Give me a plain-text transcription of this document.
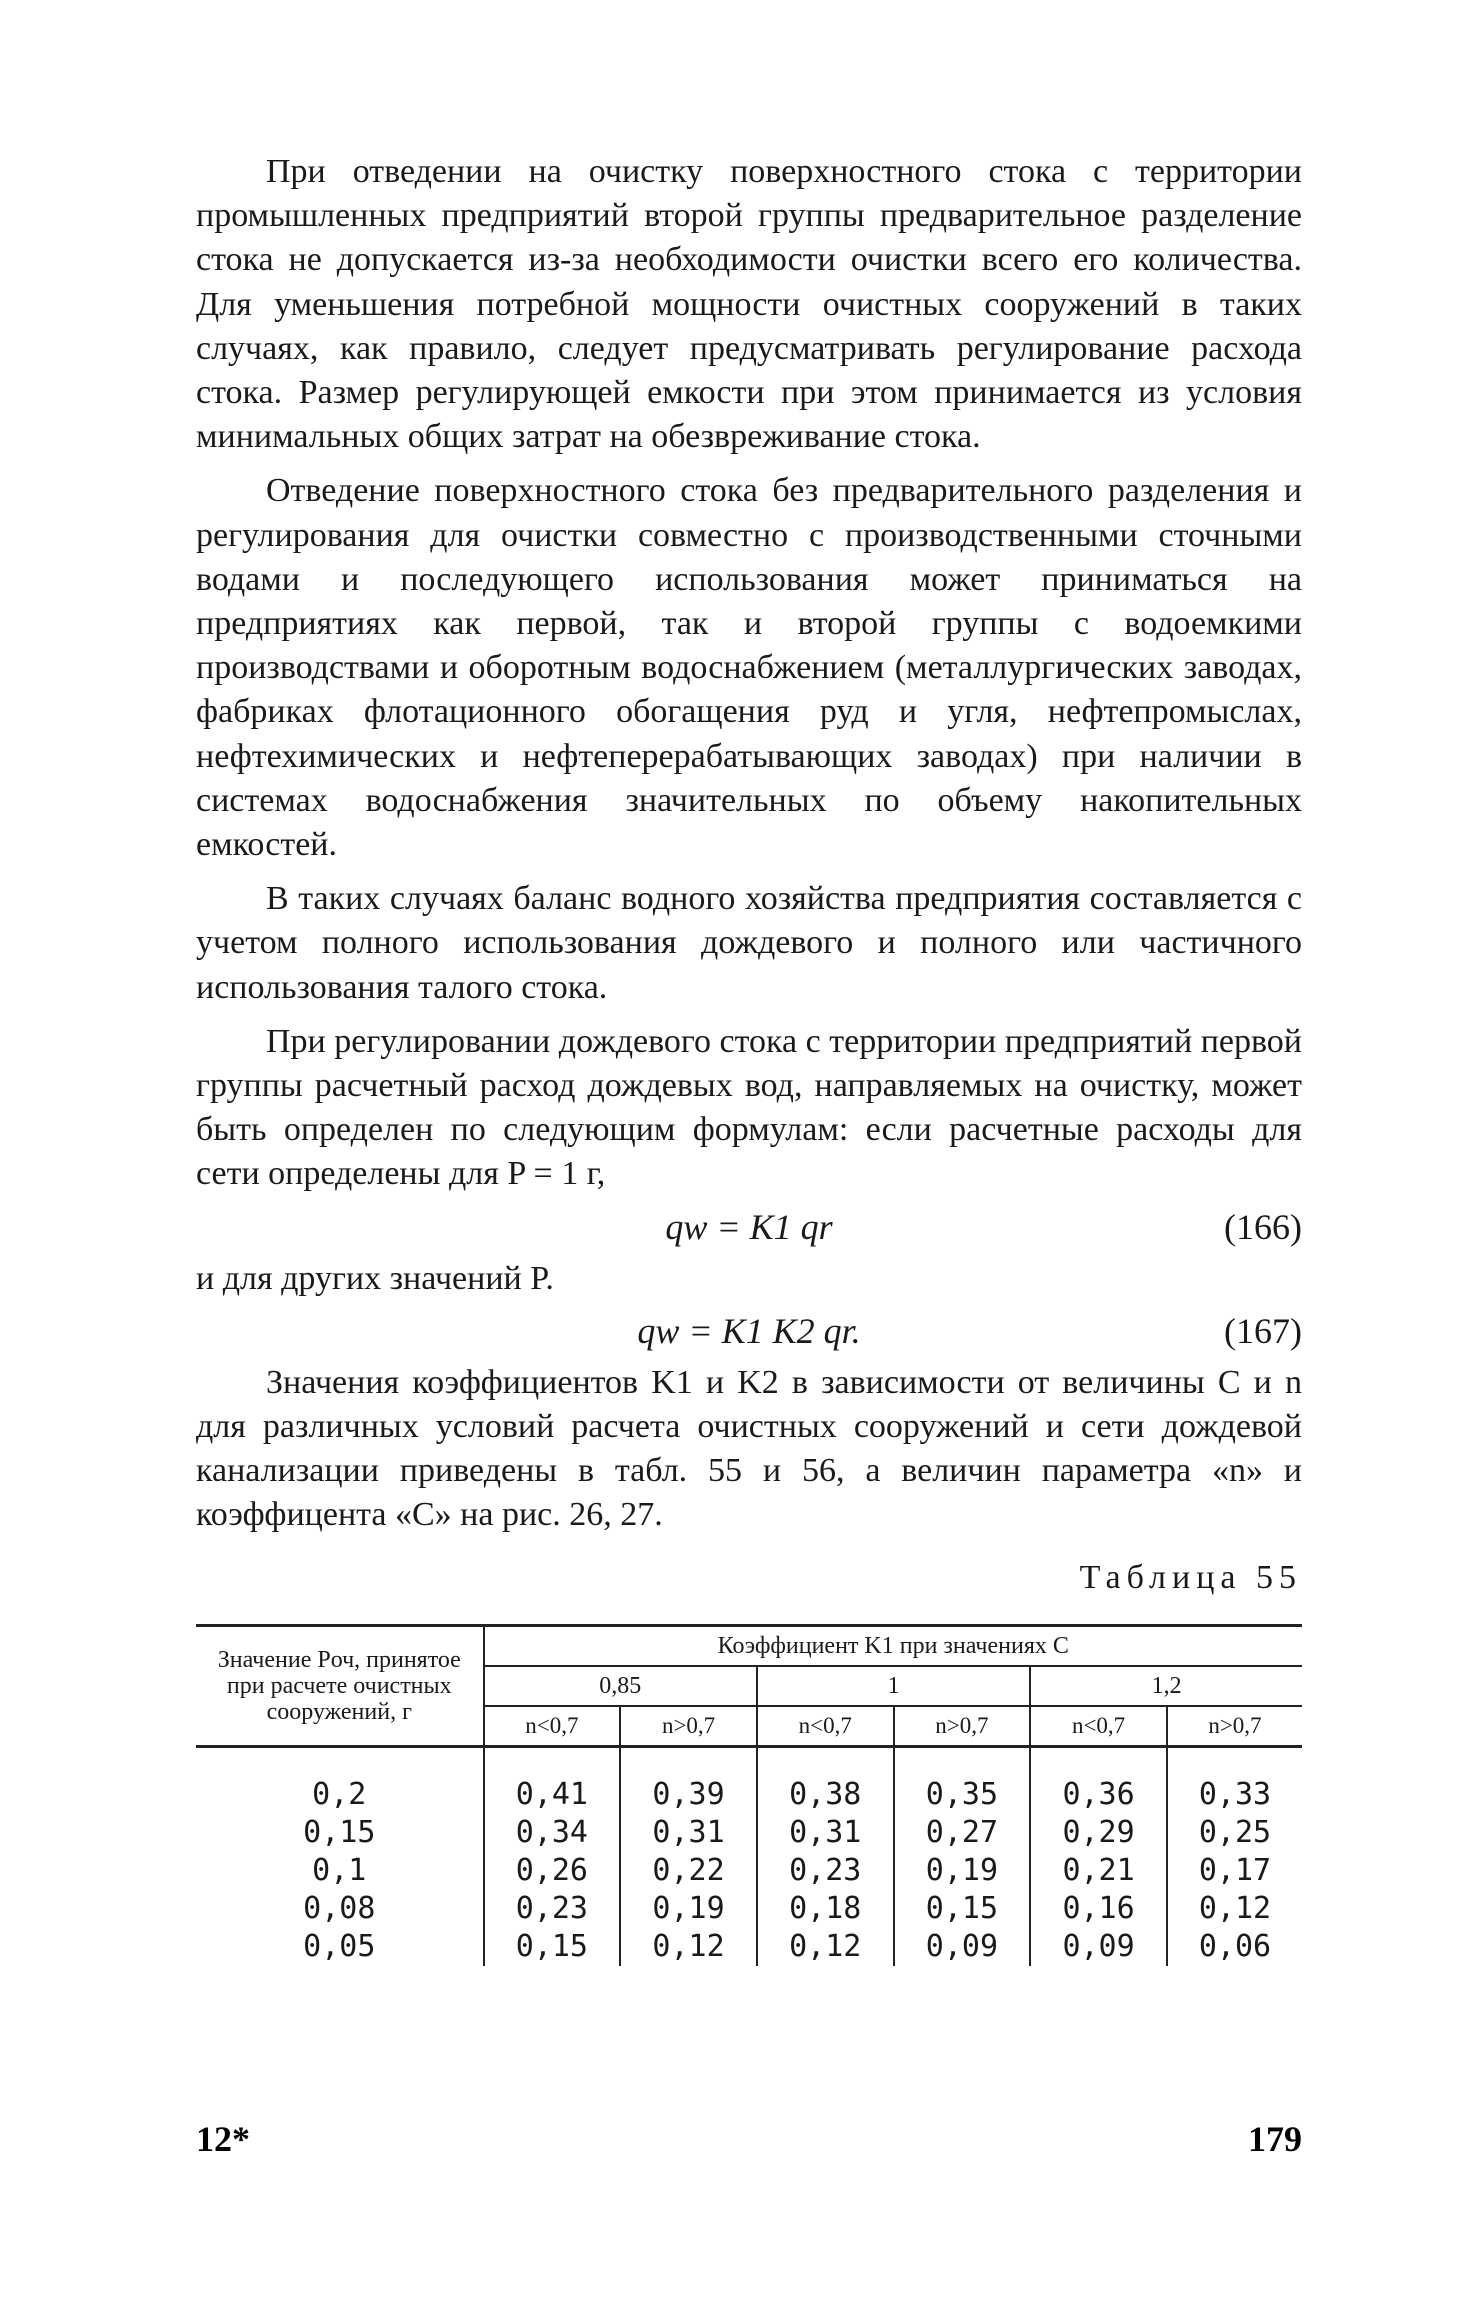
При отведении на очистку поверхностного стока с территории промышленных предприятий второй группы предварительное разделение стока не допускается из-за необходимости очистки всего его количества. Для уменьшения потребной мощности очистных сооружений в таких случаях, как правило, следует предусматривать регулирование расхода стока. Размер регулирующей емкости при этом принимается из условия минимальных общих затрат на обезвреживание стока.

Отведение поверхностного стока без предварительного разделения и регулирования для очистки совместно с производственными сточными водами и последующего использования может приниматься на предприятиях как первой, так и второй группы с водоемкими производствами и оборотным водоснабжением (металлургических заводах, фабриках флотационного обогащения руд и угля, нефтепромыслах, нефтехимических и нефтеперерабатывающих заводах) при наличии в системах водоснабжения значительных по объему накопительных емкостей.

В таких случаях баланс водного хозяйства предприятия составляется с учетом полного использования дождевого и полного или частичного использования талого стока.

При регулировании дождевого стока с территории предприятий первой группы расчетный расход дождевых вод, направляемых на очистку, может быть определен по следующим формулам: если расчетные расходы для сети определены для P = 1 г,

qw = K1 qr	(166)

и для других значений P.

qw = K1 K2 qr.	(167)

Значения коэффициентов K1 и K2 в зависимости от величины C и n для различных условий расчета очистных сооружений и сети дождевой канализации приведены в табл. 55 и 56, а величин параметра «n» и коэффицента «C» на рис. 26, 27.

Таблица 55
Значение Pоч, принятое при расчете очистных сооружений, г	Коэффициент K1 при значениях C					
	0,85		1		1,2	
	n<0,7	n>0,7	n<0,7	n>0,7	n<0,7	n>0,7
0,2	0,41	0,39	0,38	0,35	0,36	0,33
0,15	0,34	0,31	0,31	0,27	0,29	0,25
0,1	0,26	0,22	0,23	0,19	0,21	0,17
0,08	0,23	0,19	0,18	0,15	0,16	0,12
0,05	0,15	0,12	0,12	0,09	0,09	0,06
12*	179
